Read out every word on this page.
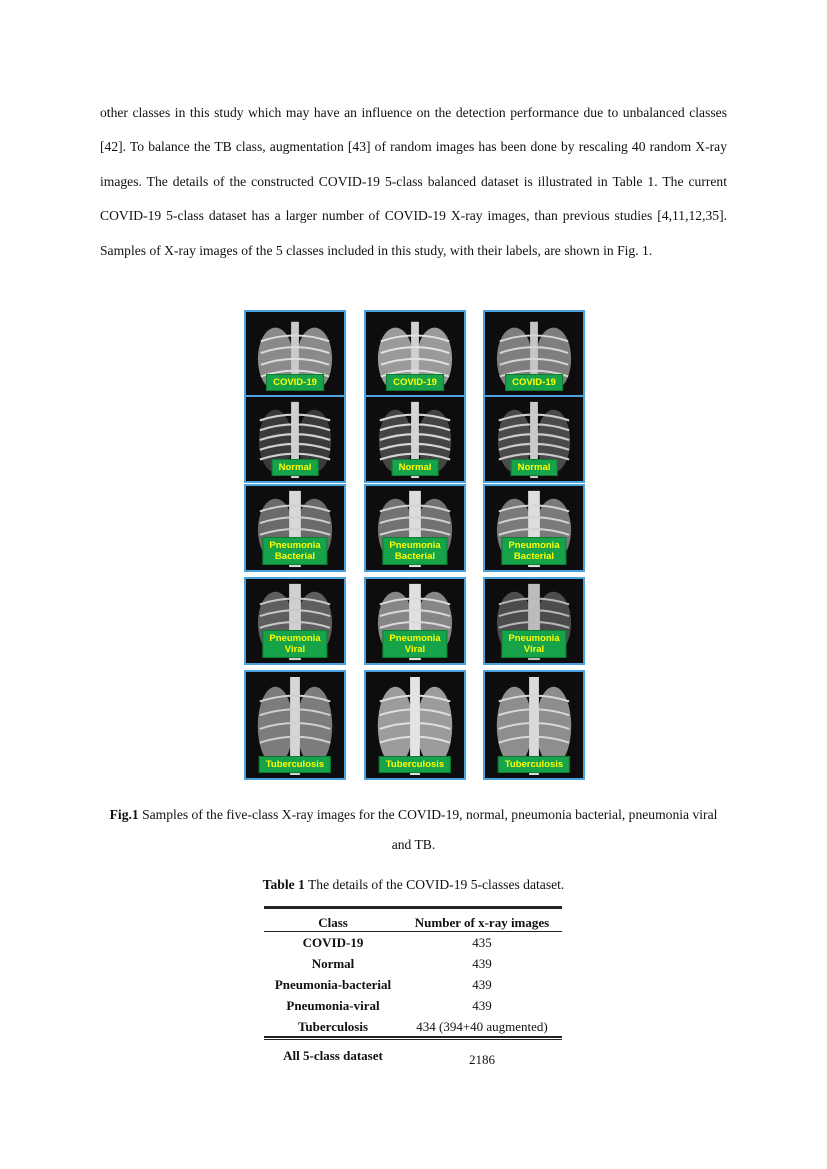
other classes in this study which may have an influence on the detection performance due to unbalanced classes [42]. To balance the TB class, augmentation [43] of random images has been done by rescaling 40 random X-ray images. The details of the constructed COVID-19 5-class balanced dataset is illustrated in Table 1. The current COVID-19 5-class dataset has a larger number of COVID-19 X-ray images, than previous studies [4,11,12,35]. Samples of X-ray images of the 5 classes included in this study, with their labels, are shown in Fig. 1.

COVID-19	COVID-19	COVID-19
Normal	Normal	Normal
Pneumonia
Bacterial
Pneumonia
Bacterial
Pneumonia
Bacterial
Pneumonia
Viral
Pneumonia
Viral
Pneumonia
Viral
Tuberculosis	Tuberculosis	Tuberculosis

Fig.1 Samples of the five-class X-ray images for the COVID-19, normal, pneumonia bacterial, pneumonia viral and TB.

Table 1 The details of the COVID-19 5-classes dataset.

Class	Number of x-ray images
COVID-19	435
Normal	439
Pneumonia-bacterial	439
Pneumonia-viral	439
Tuberculosis	434 (394+40 augmented)
All 5-class dataset	2186
